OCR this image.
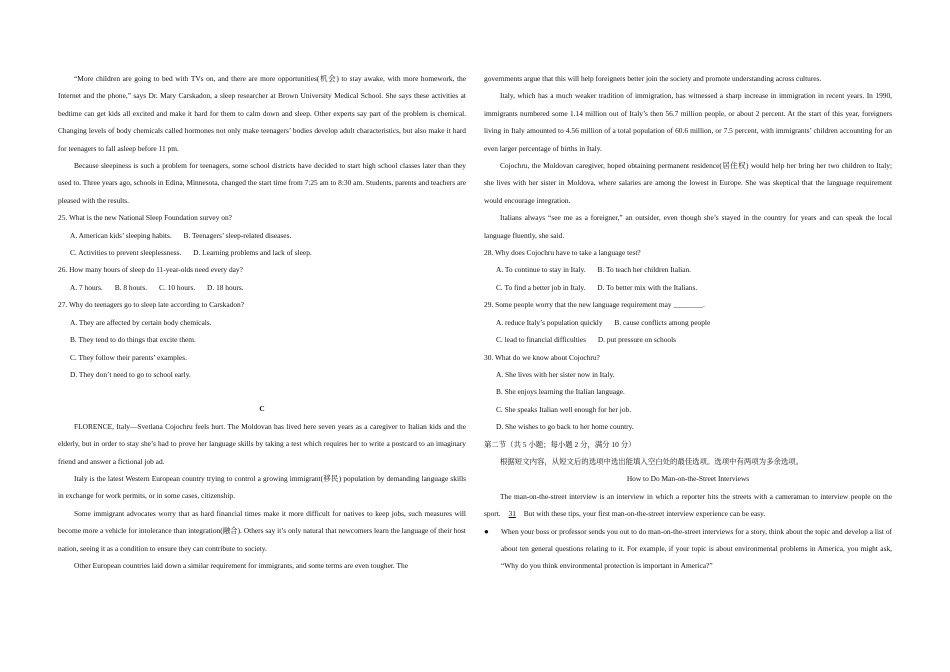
“More children are going to bed with TVs on, and there are more opportunities(机会) to stay awake, with more homework, the Internet and the phone,” says Dr. Mary Carskadon, a sleep researcher at Brown University Medical School. She says these activities at bedtime can get kids all excited and make it hard for them to calm down and sleep. Other experts say part of the problem is chemical. Changing levels of body chemicals called hormones not only make teenagers’ bodies develop adult characteristics, but also make it hard for teenagers to fall asleep before 11 pm.

Because sleepiness is such a problem for teenagers, some school districts have decided to start high school classes later than they used to. Three years ago, schools in Edina, Minnesota, changed the start time from 7:25 am to 8:30 am. Students, parents and teachers are pleased with the results.

25. What is the new National Sleep Foundation survey on?

A. American kids’ sleeping habits. B. Teenagers’ sleep-related diseases.

C. Activities to prevent sleeplessness. D. Learning problems and lack of sleep.

26. How many hours of sleep do 11-year-olds need every day?

A. 7 hours. B. 8 hours. C. 10 hours. D. 18 hours.

27. Why do teenagers go to sleep late according to Carskadon?

A. They are affected by certain body chemicals.

B. They tend to do things that excite them.

C. They follow their parents’ examples.

D. They don’t need to go to school early.

C

FLORENCE, Italy—Svetlana Cojochru feels hurt. The Moldovan has lived here seven years as a caregiver to Italian kids and the elderly, but in order to stay she’s had to prove her language skills by taking a test which requires her to write a postcard to an imaginary friend and answer a fictional job ad.

Italy is the latest Western European country trying to control a growing immigrant(移民) population by demanding language skills in exchange for work permits, or in some cases, citizenship.

Some immigrant advocates worry that as hard financial times make it more difficult for natives to keep jobs, such measures will become more a vehicle for intolerance than integration(融合). Others say it’s only natural that newcomers learn the language of their host nation, seeing it as a condition to ensure they can contribute to society.

Other European countries laid down a similar requirement for immigrants, and some terms are even tougher. The

governments argue that this will help foreigners better join the society and promote understanding across cultures.

Italy, which has a much weaker tradition of immigration, has witnessed a sharp increase in immigration in recent years. In 1990, immigrants numbered some 1.14 million out of Italy’s then 56.7 million people, or about 2 percent. At the start of this year, foreigners living in Italy amounted to 4.56 million of a total population of 60.6 million, or 7.5 percent, with immigrants’ children accounting for an even larger percentage of births in Italy.

Cojochru, the Moldovan caregiver, hoped obtaining permanent residence(居住权) would help her bring her two children to Italy; she lives with her sister in Moldova, where salaries are among the lowest in Europe. She was skeptical that the language requirement would encourage integration.

Italians always “see me as a foreigner,” an outsider, even though she’s stayed in the country for years and can speak the local language fluently, she said.

28. Why does Cojochru have to take a language test?

A. To continue to stay in Italy. B. To teach her children Italian.

C. To find a better job in Italy. D. To better mix with the Italians.

29. Some people worry that the new language requirement may ________.

A. reduce Italy’s population quickly B. cause conflicts among people

C. lead to financial difficulties D. put pressure on schools

30. What do we know about Cojochru?

A. She lives with her sister now in Italy.

B. She enjoys learning the Italian language.

C. She speaks Italian well enough for her job.

D. She wishes to go back to her home country.

第二节（共 5 小题；每小题 2 分，满分 10 分）

根据短文内容，从短文后的选项中选出能填入空白处的最佳选项。选项中有两项为多余选项。

How to Do Man-on-the-Street Interviews

The man-on-the-street interview is an interview in which a reporter hits the streets with a cameraman to interview people on the sport. 31 But with these tips, your first man-on-the-street interview experience can be easy.

● When your boss or professor sends you out to do man-on-the-street interviews for a story, think about the topic and develop a list of about ten general questions relating to it. For example, if your topic is about environmental problems in America, you might ask, “Why do you think environmental protection is important in America?”
